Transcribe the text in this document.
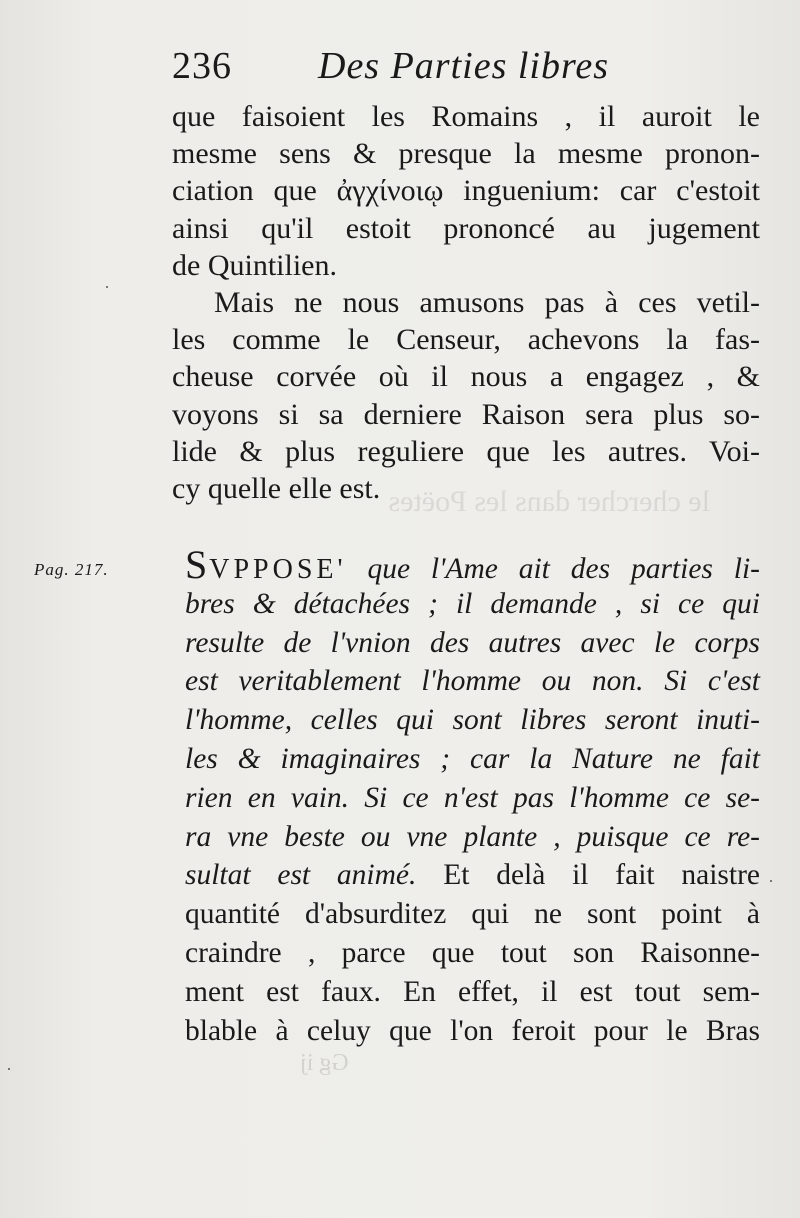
le chercher dans les Poëtes
236 Des Parties libres
que faisoient les Romains , il auroit le
mesme sens & presque la mesme pronon-
ciation que ἀγχίνοιῳ inguenium: car c'estoit
ainsi qu'il estoit prononcé au jugement
de Quintilien.
Mais ne nous amusons pas à ces vetil-
les comme le Censeur, achevons la fas-
cheuse corvée où il nous a engagez , &
voyons si sa derniere Raison sera plus so-
lide & plus reguliere que les autres. Voi-
cy quelle elle est.
Pag. 217. SVPPOSE' que l'Ame ait des parties li-
bres & détachées ; il demande , si ce qui
resulte de l'vnion des autres avec le corps
est veritablement l'homme ou non. Si c'est
l'homme, celles qui sont libres seront inuti-
les & imaginaires ; car la Nature ne fait
rien en vain. Si ce n'est pas l'homme ce se-
ra vne beste ou vne plante , puisque ce re-
sultat est animé. Et delà il fait naistre
quantité d'absurditez qui ne sont point à
craindre , parce que tout son Raisonne-
ment est faux. En effet, il est tout sem-
blable à celuy que l'on feroit pour le Bras
Gg ij
